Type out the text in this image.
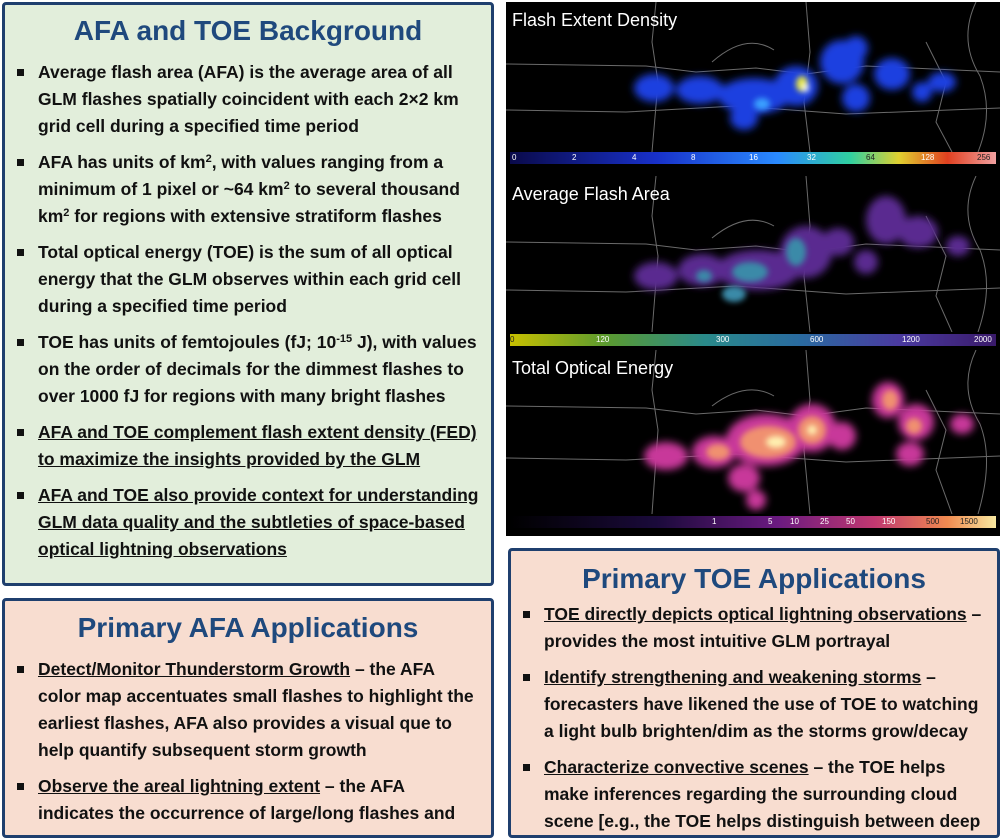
AFA and TOE Background
Average flash area (AFA) is the average area of all GLM flashes spatially coincident with each 2×2 km grid cell during a specified time period
AFA has units of $km^2$, with values ranging from a minimum of 1 pixel or ~64 $km^2$ to several thousand $km^2$ for regions with extensive stratiform flashes
Total optical energy (TOE) is the sum of all optical energy that the GLM observes within each grid cell during a specified time period
TOE has units of femtojoules (fJ; $10^{-15}$ J), with values on the order of decimals for the dimmest flashes to over 1000 fJ for regions with many bright flashes
AFA and TOE complement flash extent density (FED) to maximize the insights provided by the GLM
AFA and TOE also provide context for understanding GLM data quality and the subtleties of space-based optical lightning observations
Primary AFA Applications
Detect/Monitor Thunderstorm Growth – the AFA color map accentuates small flashes to highlight the earliest flashes, AFA also provides a visual que to help quantify subsequent storm growth
Observe the areal lightning extent – the AFA indicates the occurrence of large/long flashes and
Primary TOE Applications
TOE directly depicts optical lightning observations – provides the most intuitive GLM portrayal
Identify strengthening and weakening storms – forecasters have likened the use of TOE to watching a light bulb brighten/dim as the storms grow/decay
Characterize convective scenes – the TOE helps make inferences regarding the surrounding cloud scene [e.g., the TOE helps distinguish between deep
Flash Extent Density
0	2	4	8	16	32	64	128	256
Average Flash Area
0	120	300	600	1200	2000
Total Optical Energy
1	5 10	25 50	150	500	1500
